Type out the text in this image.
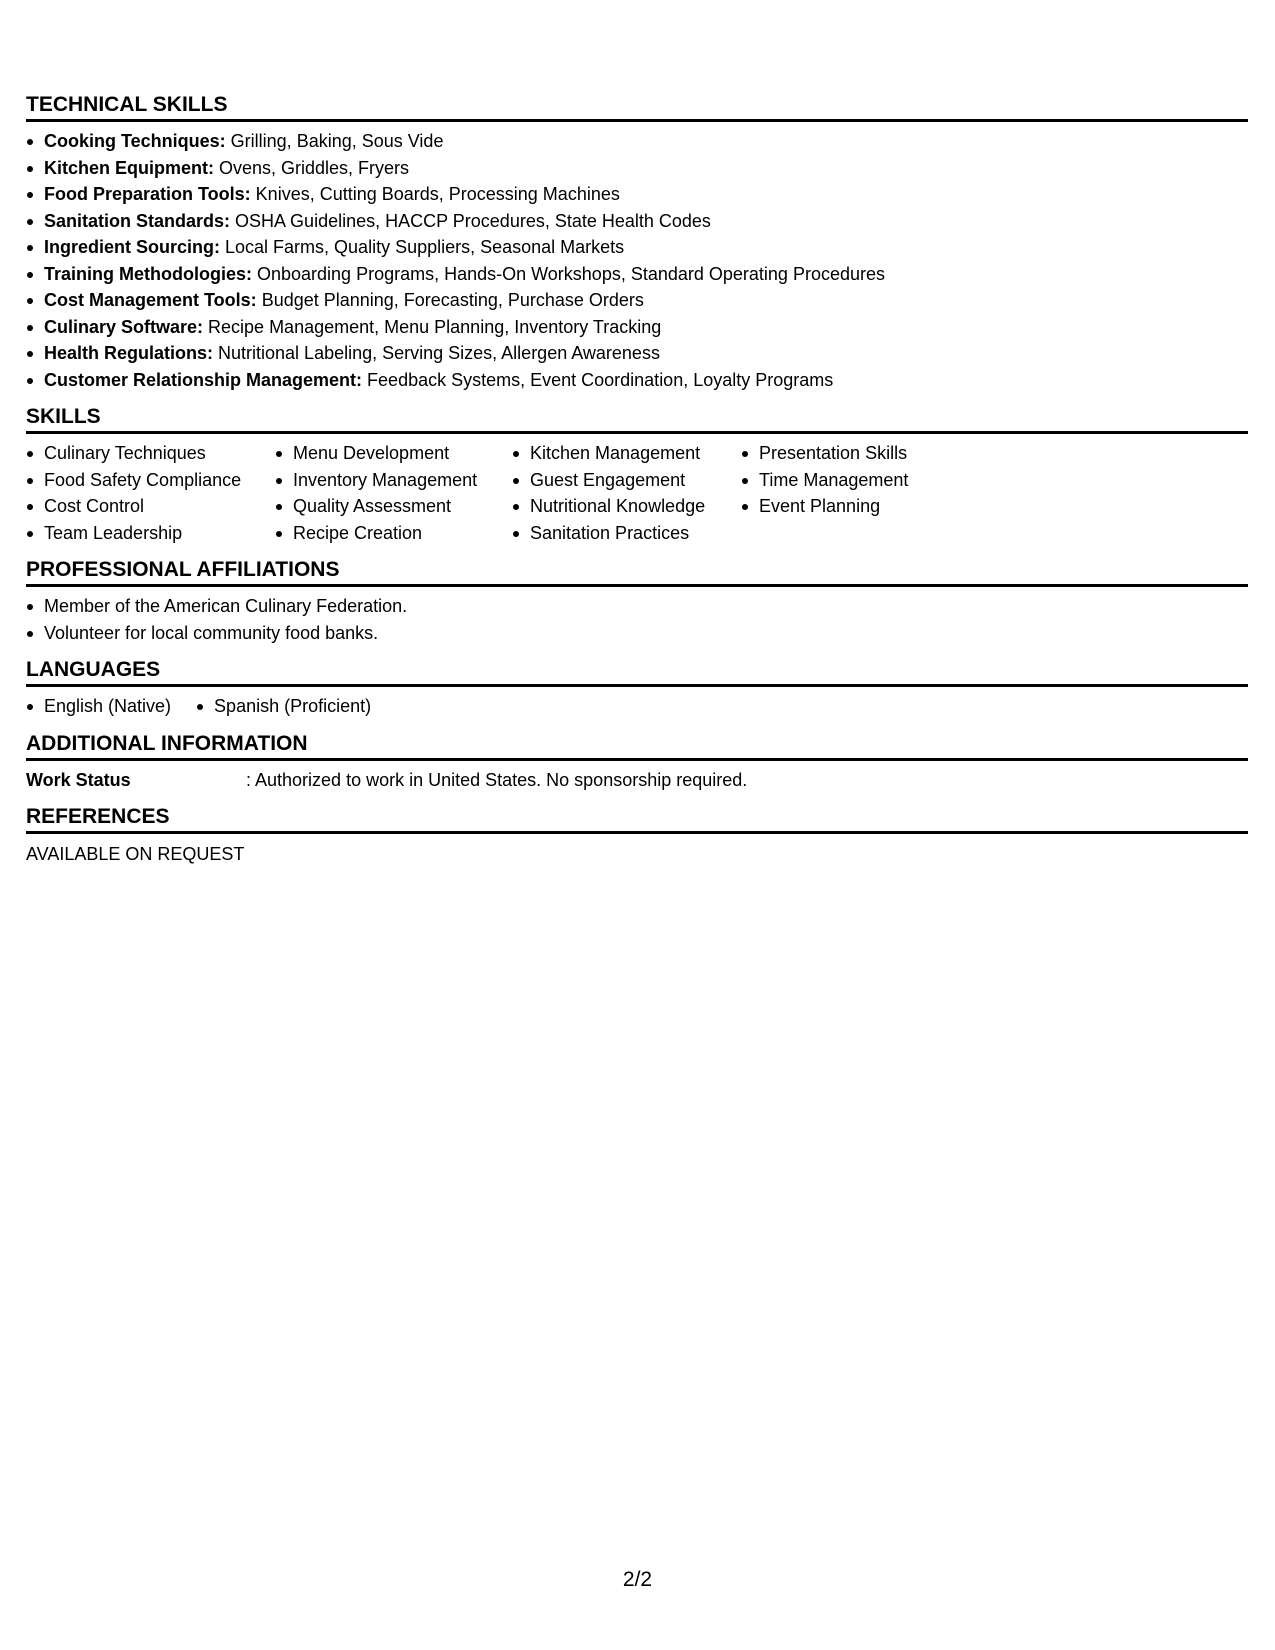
TECHNICAL SKILLS
Cooking Techniques: Grilling, Baking, Sous Vide
Kitchen Equipment: Ovens, Griddles, Fryers
Food Preparation Tools: Knives, Cutting Boards, Processing Machines
Sanitation Standards: OSHA Guidelines, HACCP Procedures, State Health Codes
Ingredient Sourcing: Local Farms, Quality Suppliers, Seasonal Markets
Training Methodologies: Onboarding Programs, Hands-On Workshops, Standard Operating Procedures
Cost Management Tools: Budget Planning, Forecasting, Purchase Orders
Culinary Software: Recipe Management, Menu Planning, Inventory Tracking
Health Regulations: Nutritional Labeling, Serving Sizes, Allergen Awareness
Customer Relationship Management: Feedback Systems, Event Coordination, Loyalty Programs
SKILLS
Culinary Techniques
Food Safety Compliance
Cost Control
Team Leadership
Menu Development
Inventory Management
Quality Assessment
Recipe Creation
Kitchen Management
Guest Engagement
Nutritional Knowledge
Sanitation Practices
Presentation Skills
Time Management
Event Planning
PROFESSIONAL AFFILIATIONS
Member of the American Culinary Federation.
Volunteer for local community food banks.
LANGUAGES
English (Native)	Spanish (Proficient)
ADDITIONAL INFORMATION
Work Status	: Authorized to work in United States. No sponsorship required.
REFERENCES
AVAILABLE ON REQUEST
2/2
